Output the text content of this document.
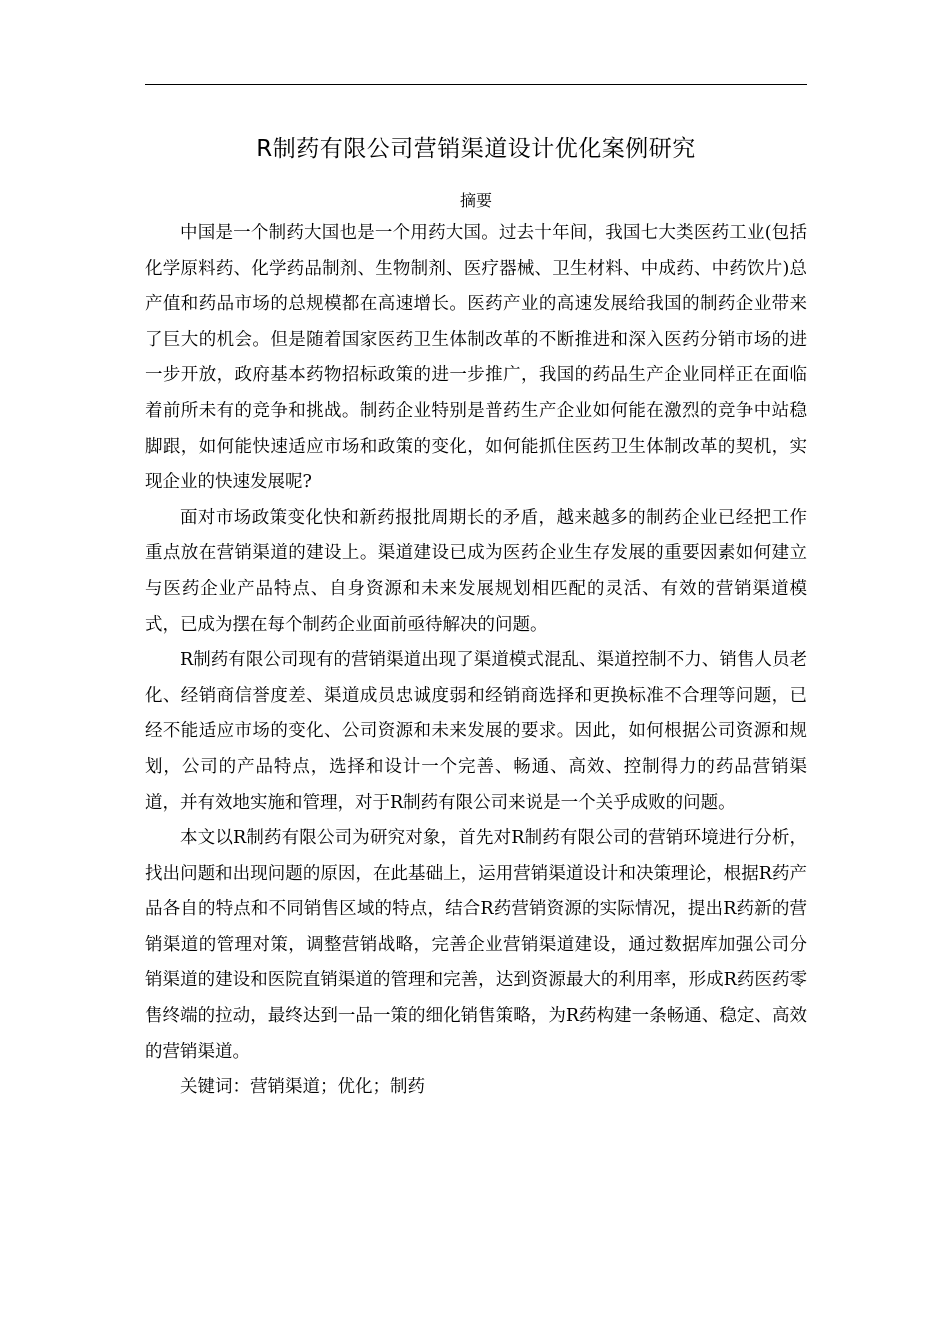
R制药有限公司营销渠道设计优化案例研究
摘要

中国是一个制药大国也是一个用药大国。过去十年间，我国七大类医药工业(包括化学原料药、化学药品制剂、生物制剂、医疗器械、卫生材料、中成药、中药饮片)总产值和药品市场的总规模都在高速增长。医药产业的高速发展给我国的制药企业带来了巨大的机会。但是随着国家医药卫生体制改革的不断推进和深入医药分销市场的进一步开放，政府基本药物招标政策的进一步推广，我国的药品生产企业同样正在面临着前所未有的竞争和挑战。制药企业特别是普药生产企业如何能在激烈的竞争中站稳脚跟，如何能快速适应市场和政策的变化，如何能抓住医药卫生体制改革的契机，实现企业的快速发展呢?

面对市场政策变化快和新药报批周期长的矛盾，越来越多的制药企业已经把工作重点放在营销渠道的建设上。渠道建设已成为医药企业生存发展的重要因素如何建立与医药企业产品特点、自身资源和未来发展规划相匹配的灵活、有效的营销渠道模式，已成为摆在每个制药企业面前亟待解决的问题。

R制药有限公司现有的营销渠道出现了渠道模式混乱、渠道控制不力、销售人员老化、经销商信誉度差、渠道成员忠诚度弱和经销商选择和更换标准不合理等问题，已经不能适应市场的变化、公司资源和未来发展的要求。因此，如何根据公司资源和规划，公司的产品特点，选择和设计一个完善、畅通、高效、控制得力的药品营销渠道，并有效地实施和管理，对于R制药有限公司来说是一个关乎成败的问题。

本文以R制药有限公司为研究对象，首先对R制药有限公司的营销环境进行分析，找出问题和出现问题的原因，在此基础上，运用营销渠道设计和决策理论，根据R药产品各自的特点和不同销售区域的特点，结合R药营销资源的实际情况，提出R药新的营销渠道的管理对策，调整营销战略，完善企业营销渠道建设，通过数据库加强公司分销渠道的建设和医院直销渠道的管理和完善，达到资源最大的利用率，形成R药医药零售终端的拉动，最终达到一品一策的细化销售策略，为R药构建一条畅通、稳定、高效的营销渠道。

关键词：营销渠道；优化；制药
